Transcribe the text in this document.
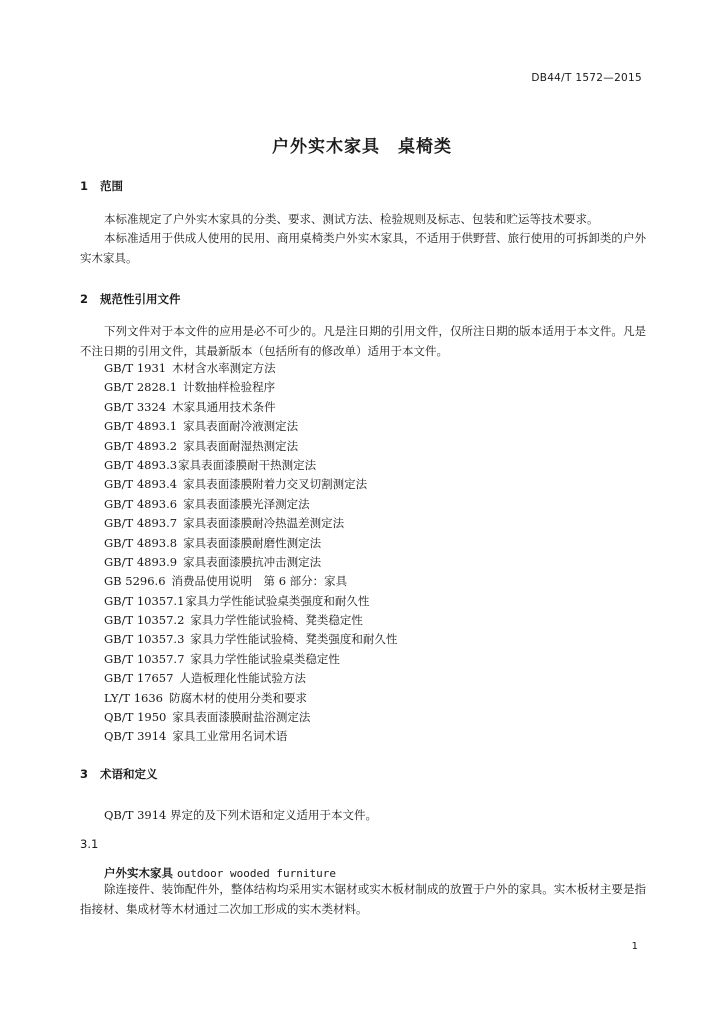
DB44/T 1572—2015
户外实木家具　桌椅类
1 范围

本标准规定了户外实木家具的分类、要求、测试方法、检验规则及标志、包装和贮运等技术要求。

本标准适用于供成人使用的民用、商用桌椅类户外实木家具，不适用于供野营、旅行使用的可拆卸类的户外实木家具。

2 规范性引用文件

下列文件对于本文件的应用是必不可少的。凡是注日期的引用文件，仅所注日期的版本适用于本文件。凡是不注日期的引用文件，其最新版本（包括所有的修改单）适用于本文件。

GB/T 1931 木材含水率测定方法
GB/T 2828.1 计数抽样检验程序
GB/T 3324 木家具通用技术条件
GB/T 4893.1 家具表面耐冷液测定法
GB/T 4893.2 家具表面耐湿热测定法
GB/T 4893.3家具表面漆膜耐干热测定法
GB/T 4893.4 家具表面漆膜附着力交叉切割测定法
GB/T 4893.6 家具表面漆膜光泽测定法
GB/T 4893.7 家具表面漆膜耐冷热温差测定法
GB/T 4893.8 家具表面漆膜耐磨性测定法
GB/T 4893.9 家具表面漆膜抗冲击测定法
GB 5296.6 消费品使用说明　第 6 部分：家具
GB/T 10357.1家具力学性能试验桌类强度和耐久性
GB/T 10357.2 家具力学性能试验椅、凳类稳定性
GB/T 10357.3 家具力学性能试验椅、凳类强度和耐久性
GB/T 10357.7 家具力学性能试验桌类稳定性
GB/T 17657 人造板理化性能试验方法
LY/T 1636 防腐木材的使用分类和要求
QB/T 1950 家具表面漆膜耐盐浴测定法
QB/T 3914 家具工业常用名词术语
3 术语和定义

QB/T 3914 界定的及下列术语和定义适用于本文件。

3.1
户外实木家具 outdoor wooded furniture

除连接件、装饰配件外，整体结构均采用实木锯材或实木板材制成的放置于户外的家具。实木板材主要是指指接材、集成材等木材通过二次加工形成的实木类材料。

1
